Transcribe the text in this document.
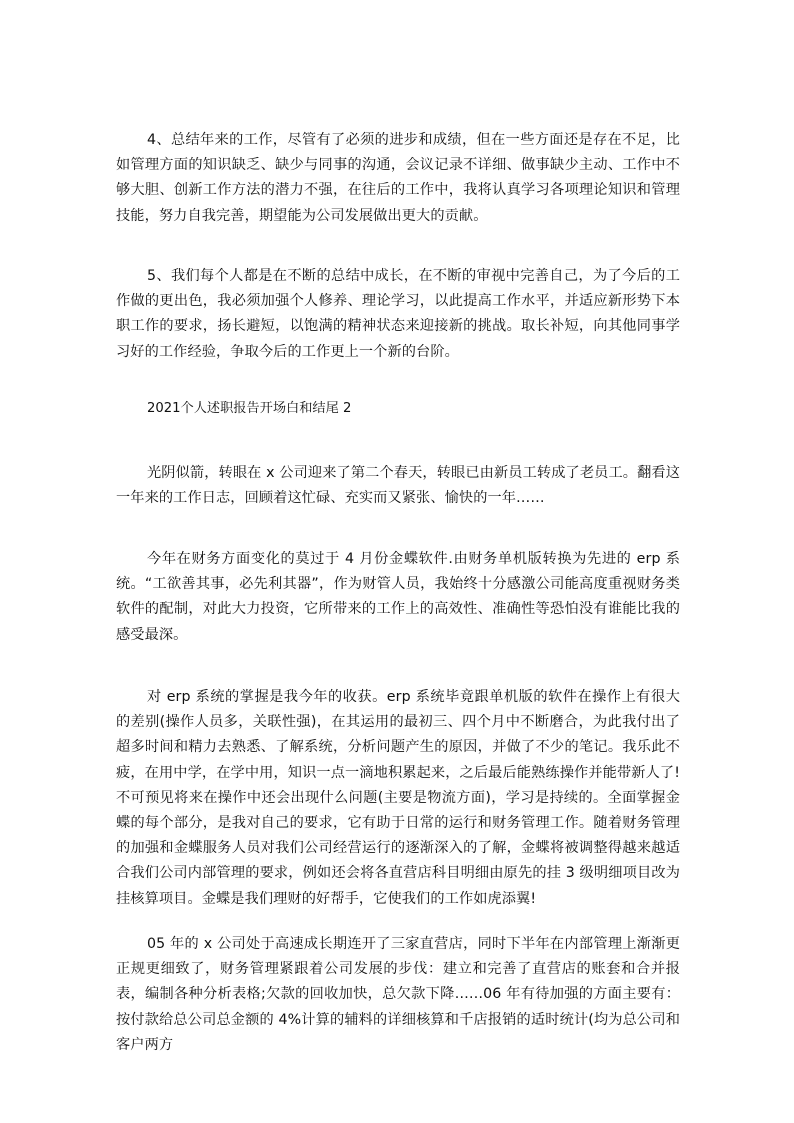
4、总结年来的工作，尽管有了必须的进步和成绩，但在一些方面还是存在不足，比如管理方面的知识缺乏、缺少与同事的沟通，会议记录不详细、做事缺少主动、工作中不够大胆、创新工作方法的潜力不强，在往后的工作中，我将认真学习各项理论知识和管理技能，努力自我完善，期望能为公司发展做出更大的贡献。

5、我们每个人都是在不断的总结中成长，在不断的审视中完善自己，为了今后的工作做的更出色，我必须加强个人修养、理论学习，以此提高工作水平，并适应新形势下本职工作的要求，扬长避短，以饱满的精神状态来迎接新的挑战。取长补短，向其他同事学习好的工作经验，争取今后的工作更上一个新的台阶。

2021个人述职报告开场白和结尾 2

光阴似箭，转眼在 x 公司迎来了第二个春天，转眼已由新员工转成了老员工。翻看这一年来的工作日志，回顾着这忙碌、充实而又紧张、愉快的一年……

今年在财务方面变化的莫过于 4 月份金蝶软件.由财务单机版转换为先进的 erp 系统。“工欲善其事，必先利其器”，作为财管人员，我始终十分感激公司能高度重视财务类软件的配制，对此大力投资，它所带来的工作上的高效性、准确性等恐怕没有谁能比我的感受最深。

对 erp 系统的掌握是我今年的收获。erp 系统毕竟跟单机版的软件在操作上有很大的差别(操作人员多，关联性强)，在其运用的最初三、四个月中不断磨合，为此我付出了超多时间和精力去熟悉、了解系统，分析问题产生的原因，并做了不少的笔记。我乐此不疲，在用中学，在学中用，知识一点一滴地积累起来，之后最后能熟练操作并能带新人了!不可预见将来在操作中还会出现什么问题(主要是物流方面)，学习是持续的。全面掌握金蝶的每个部分，是我对自己的要求，它有助于日常的运行和财务管理工作。随着财务管理的加强和金蝶服务人员对我们公司经营运行的逐渐深入的了解，金蝶将被调整得越来越适合我们公司内部管理的要求，例如还会将各直营店科目明细由原先的挂 3 级明细项目改为挂核算项目。金蝶是我们理财的好帮手，它使我们的工作如虎添翼!

05 年的 x 公司处于高速成长期连开了三家直营店，同时下半年在内部管理上渐渐更正规更细致了，财务管理紧跟着公司发展的步伐：建立和完善了直营店的账套和合并报表，编制各种分析表格;欠款的回收加快，总欠款下降……06 年有待加强的方面主要有：按付款给总公司总金额的 4%计算的辅料的详细核算和千店报销的适时统计(均为总公司和客户两方
